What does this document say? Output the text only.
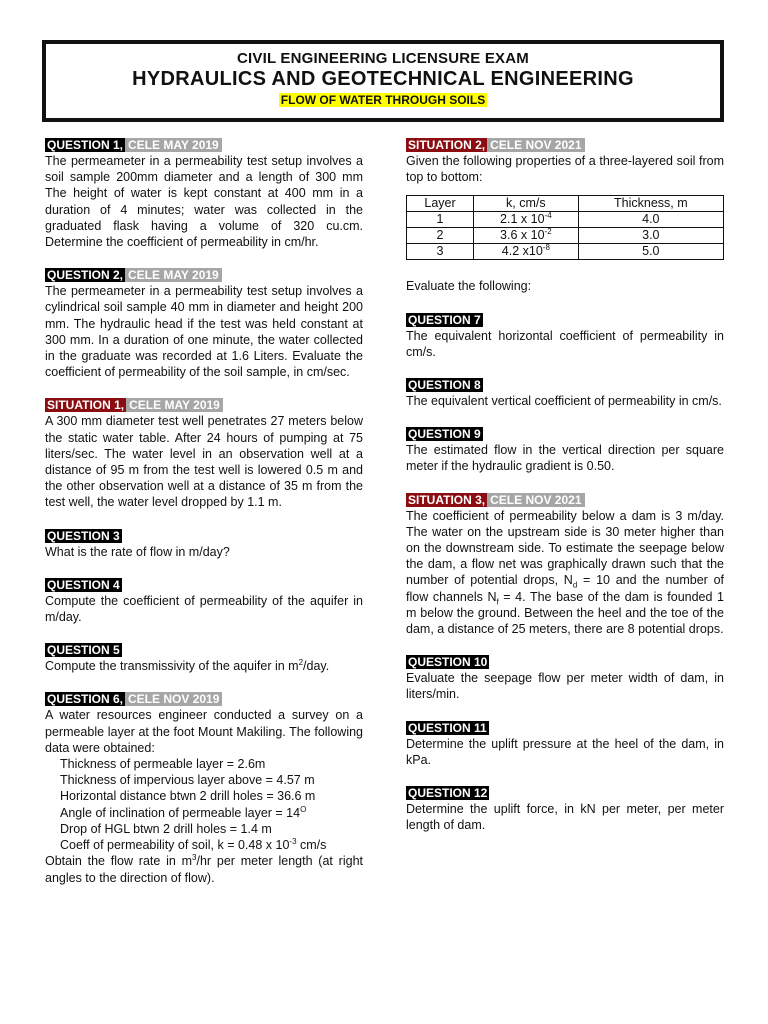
CIVIL ENGINEERING LICENSURE EXAM
HYDRAULICS AND GEOTECHNICAL ENGINEERING
FLOW OF WATER THROUGH SOILS
QUESTION 1, CELE MAY 2019
The permeameter in a permeability test setup involves a soil sample 200mm diameter and a length of 300 mm The height of water is kept constant at 400 mm in a duration of 4 minutes; water was collected in the graduated flask having a volume of 320 cu.cm. Determine the coefficient of permeability in cm/hr.
QUESTION 2, CELE MAY 2019
The permeameter in a permeability test setup involves a cylindrical soil sample 40 mm in diameter and height 200 mm. The hydraulic head if the test was held constant at 300 mm. In a duration of one minute, the water collected in the graduate was recorded at 1.6 Liters. Evaluate the coefficient of permeability of the soil sample, in cm/sec.
SITUATION 1, CELE MAY 2019
A 300 mm diameter test well penetrates 27 meters below the static water table. After 24 hours of pumping at 75 liters/sec. The water level in an observation well at a distance of 95 m from the test well is lowered 0.5 m and the other observation well at a distance of 35 m from the test well, the water level dropped by 1.1 m.
QUESTION 3
What is the rate of flow in m/day?
QUESTION 4
Compute the coefficient of permeability of the aquifer in m/day.
QUESTION 5
Compute the transmissivity of the aquifer in $m^2$/day.
QUESTION 6, CELE NOV 2019
A water resources engineer conducted a survey on a permeable layer at the foot Mount Makiling. The following data were obtained:
Thickness of permeable layer = 2.6m
Thickness of impervious layer above = 4.57 m
Horizontal distance btwn 2 drill holes = 36.6 m
Angle of inclination of permeable layer = $14^O$
Drop of HGL btwn 2 drill holes = 1.4 m
Coeff of permeability of soil, k = 0.48 x $10^{-3}$ cm/s
Obtain the flow rate in $m^3/hr$ per meter length (at right angles to the direction of flow).
SITUATION 2, CELE NOV 2021
Given the following properties of a three-layered soil from top to bottom:
Layer	k, cm/s	Thickness, m
1	2.1 x $10^{-4}$	4.0
2	3.6 x $10^{-2}$	3.0
3	4.2 $x10^{-8}$	5.0
Evaluate the following:
QUESTION 7
The equivalent horizontal coefficient of permeability in cm/s.
QUESTION 8
The equivalent vertical coefficient of permeability in cm/s.
QUESTION 9
The estimated flow in the vertical direction per square meter if the hydraulic gradient is 0.50.
SITUATION 3, CELE NOV 2021
The coefficient of permeability below a dam is 3 m/day. The water on the upstream side is 30 meter higher than on the downstream side. To estimate the seepage below the dam, a flow net was graphically drawn such that the number of potential drops, $N_d = 10$ and the number of flow channels $N_f = 4$. The base of the dam is founded 1 m below the ground. Between the heel and the toe of the dam, a distance of 25 meters, there are 8 potential drops.
QUESTION 10
Evaluate the seepage flow per meter width of dam, in liters/min.
QUESTION 11
Determine the uplift pressure at the heel of the dam, in kPa.
QUESTION 12
Determine the uplift force, in kN per meter, per meter length of dam.
